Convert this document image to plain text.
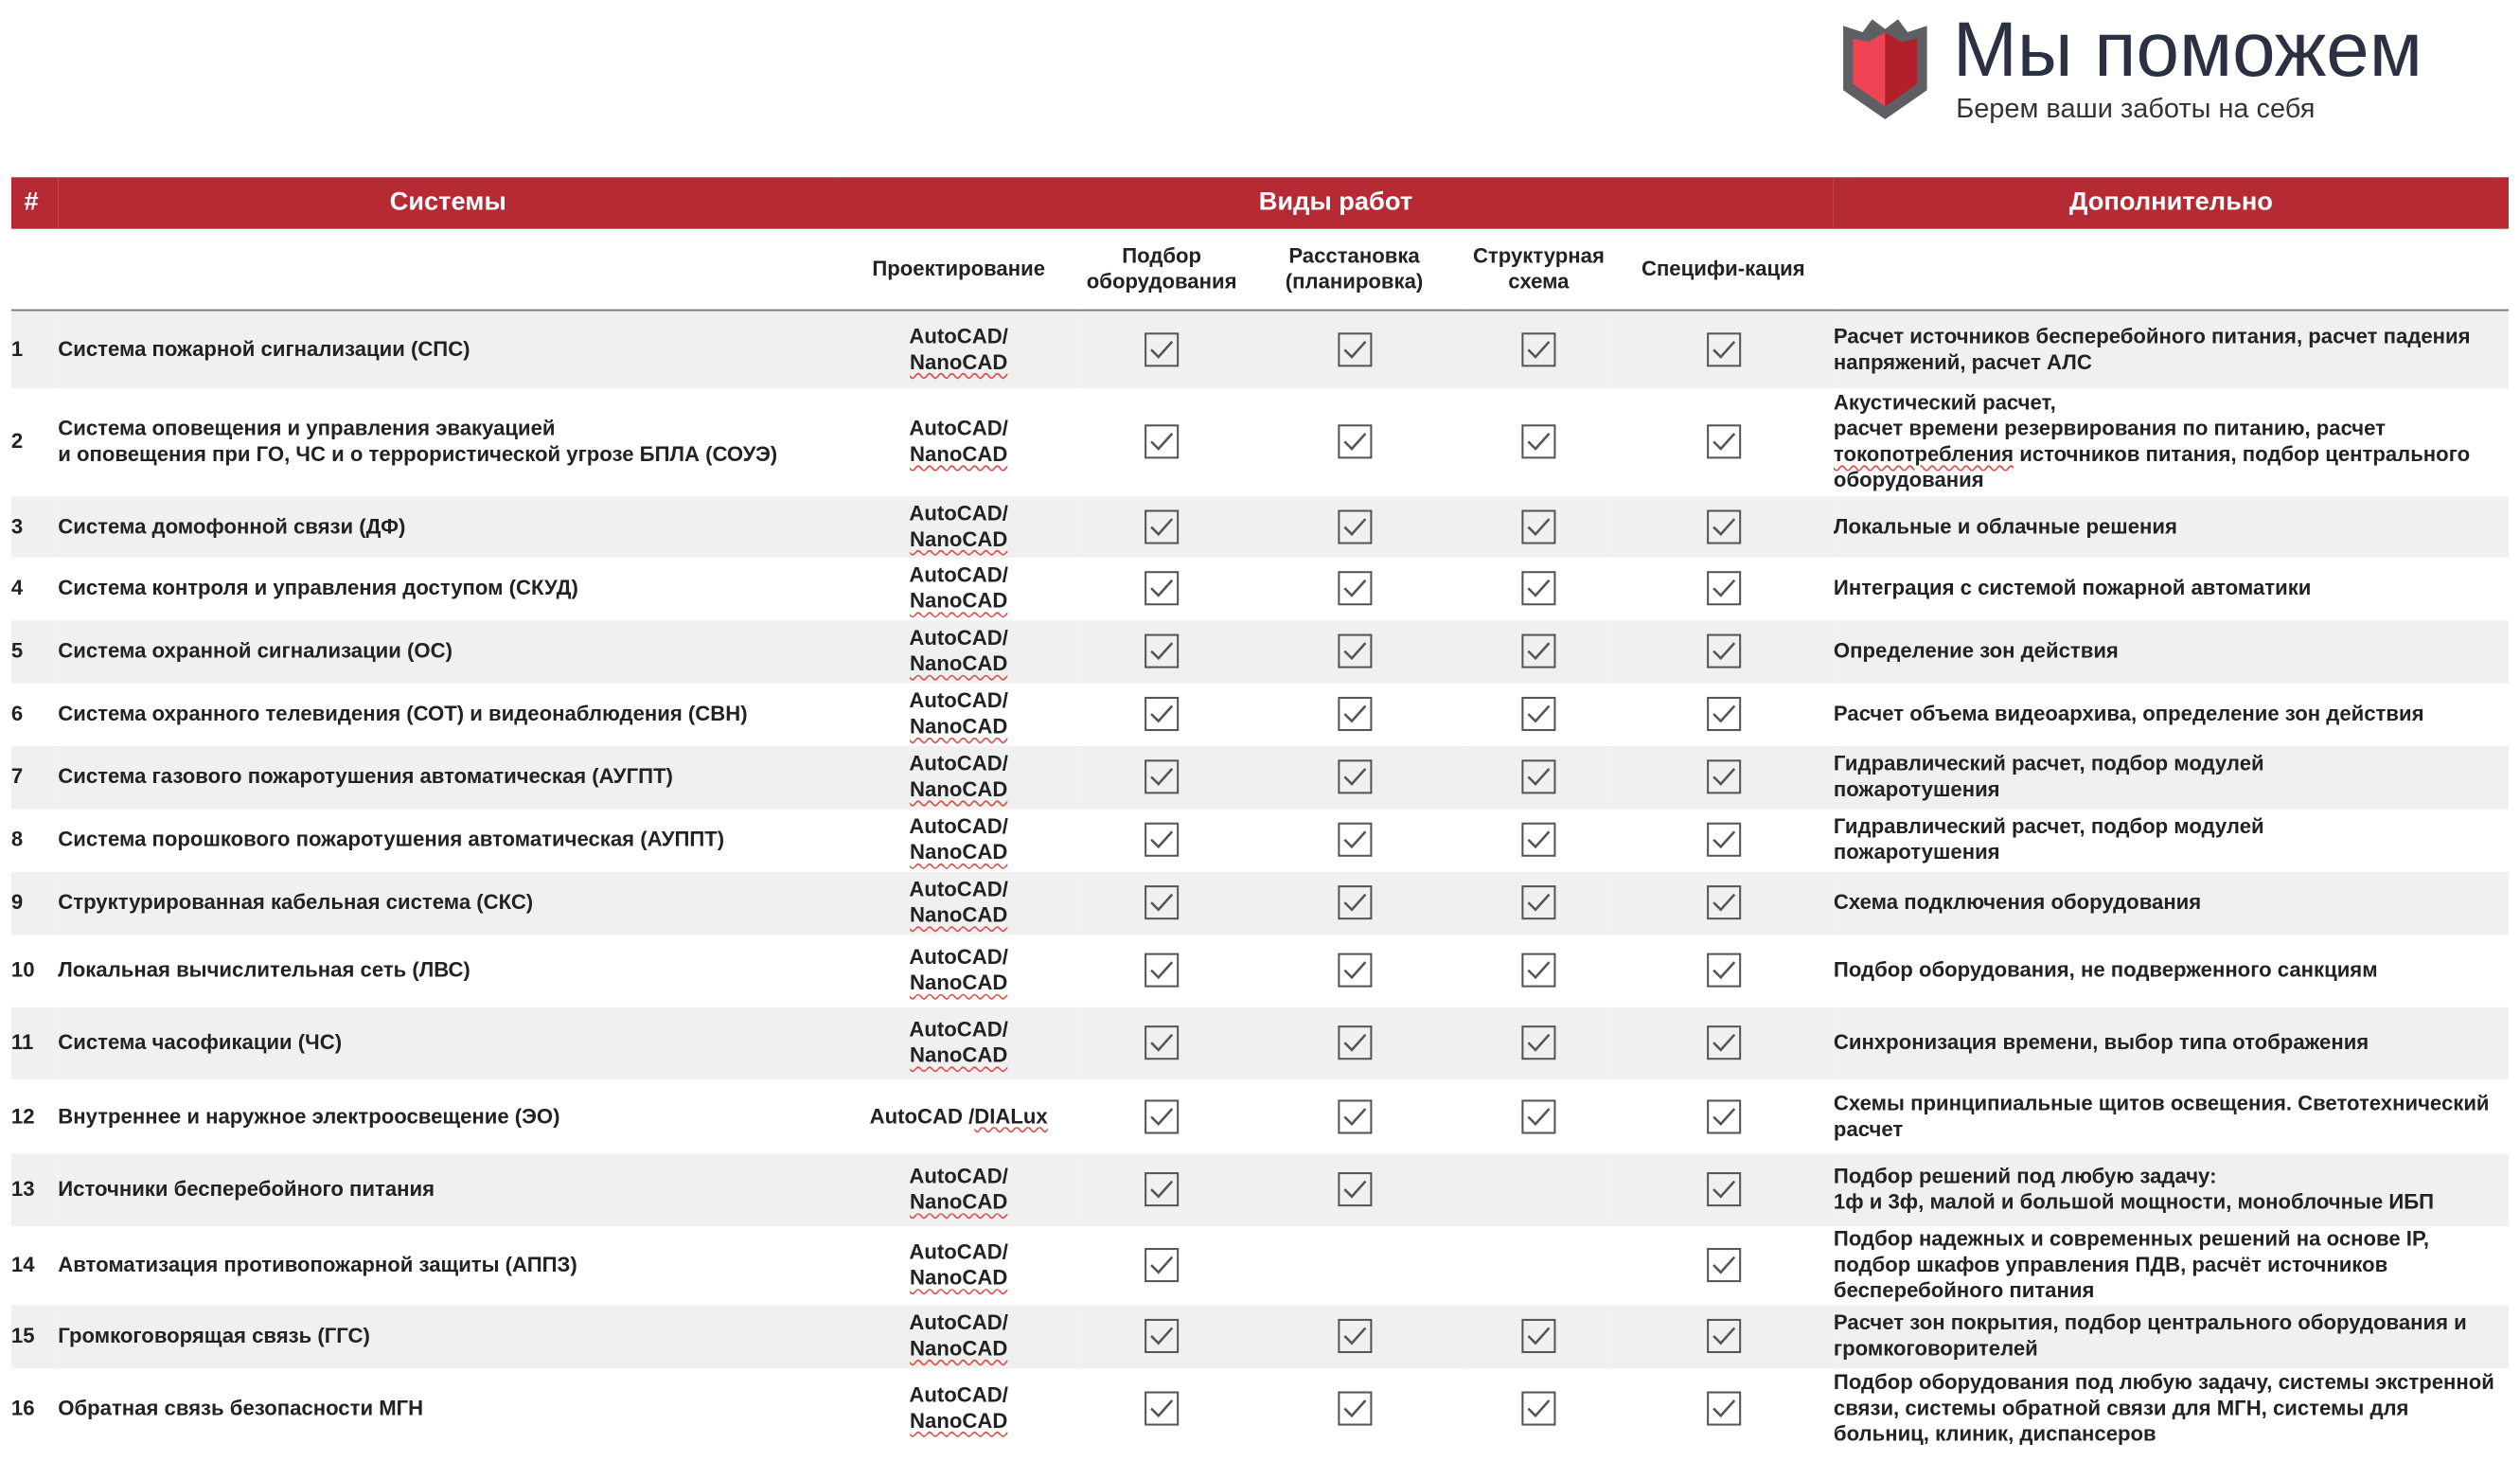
Мы поможем
Берем ваши заботы на себя
#	Системы	Виды работ					Дополнительно
		Проектирование	Подбор оборудования	Расстановка (планировка)	Структурная схема	Специфи-кация	
1	Система пожарной сигнализации (СПС)	AutoCAD/
NanoCAD					Расчет источников бесперебойного питания, расчет падения
напряжений, расчет АЛС

2	Система оповещения и управления эвакуацией
и оповещения при ГО, ЧС и о террористической угрозе БПЛА (СОУЭ)	AutoCAD/
NanoCAD					Акустический расчет,
расчет времени резервирования по питанию, расчет
токопотребления источников питания, подбор центрального
оборудования

3	Система домофонной связи (ДФ)	AutoCAD/
NanoCAD					Локальные и облачные решения

4	Система контроля и управления доступом (СКУД)	AutoCAD/
NanoCAD					Интеграция с системой пожарной автоматики

5	Система охранной сигнализации (ОС)	AutoCAD/
NanoCAD					Определение зон действия

6	Система охранного телевидения (СОТ) и видеонаблюдения (СВН)	AutoCAD/
NanoCAD					Расчет объема видеоархива, определение зон действия

7	Система газового пожаротушения автоматическая (АУГПТ)	AutoCAD/
NanoCAD					Гидравлический расчет, подбор модулей
пожаротушения

8	Система порошкового пожаротушения автоматическая (АУППТ)	AutoCAD/
NanoCAD					Гидравлический расчет, подбор модулей
пожаротушения

9	Структурированная кабельная система (СКС)	AutoCAD/
NanoCAD					Схема подключения оборудования

10	Локальная вычислительная сеть (ЛВС)	AutoCAD/
NanoCAD					Подбор оборудования, не подверженного санкциям

11	Система часофикации (ЧС)	AutoCAD/
NanoCAD					Синхронизация времени, выбор типа отображения

12	Внутреннее и наружное электроосвещение (ЭО)	AutoCAD /DIALux					Схемы принципиальные щитов освещения. Светотехнический
расчет

13	Источники бесперебойного питания	AutoCAD/
NanoCAD					Подбор решений под любую задачу:
1ф и 3ф, малой и большой мощности, моноблочные ИБП

14	Автоматизация противопожарной защиты (АППЗ)	AutoCAD/
NanoCAD					Подбор надежных и современных решений на основе IP,
подбор шкафов управления ПДВ, расчёт источников
бесперебойного питания

15	Громкоговорящая связь (ГГС)	AutoCAD/
NanoCAD					Расчет зон покрытия, подбор центрального оборудования и
громкоговорителей

16	Обратная связь безопасности МГН	AutoCAD/
NanoCAD					Подбор оборудования под любую задачу, системы экстренной
связи, системы обратной связи для МГН, системы для
больниц, клиник, диспансеров
